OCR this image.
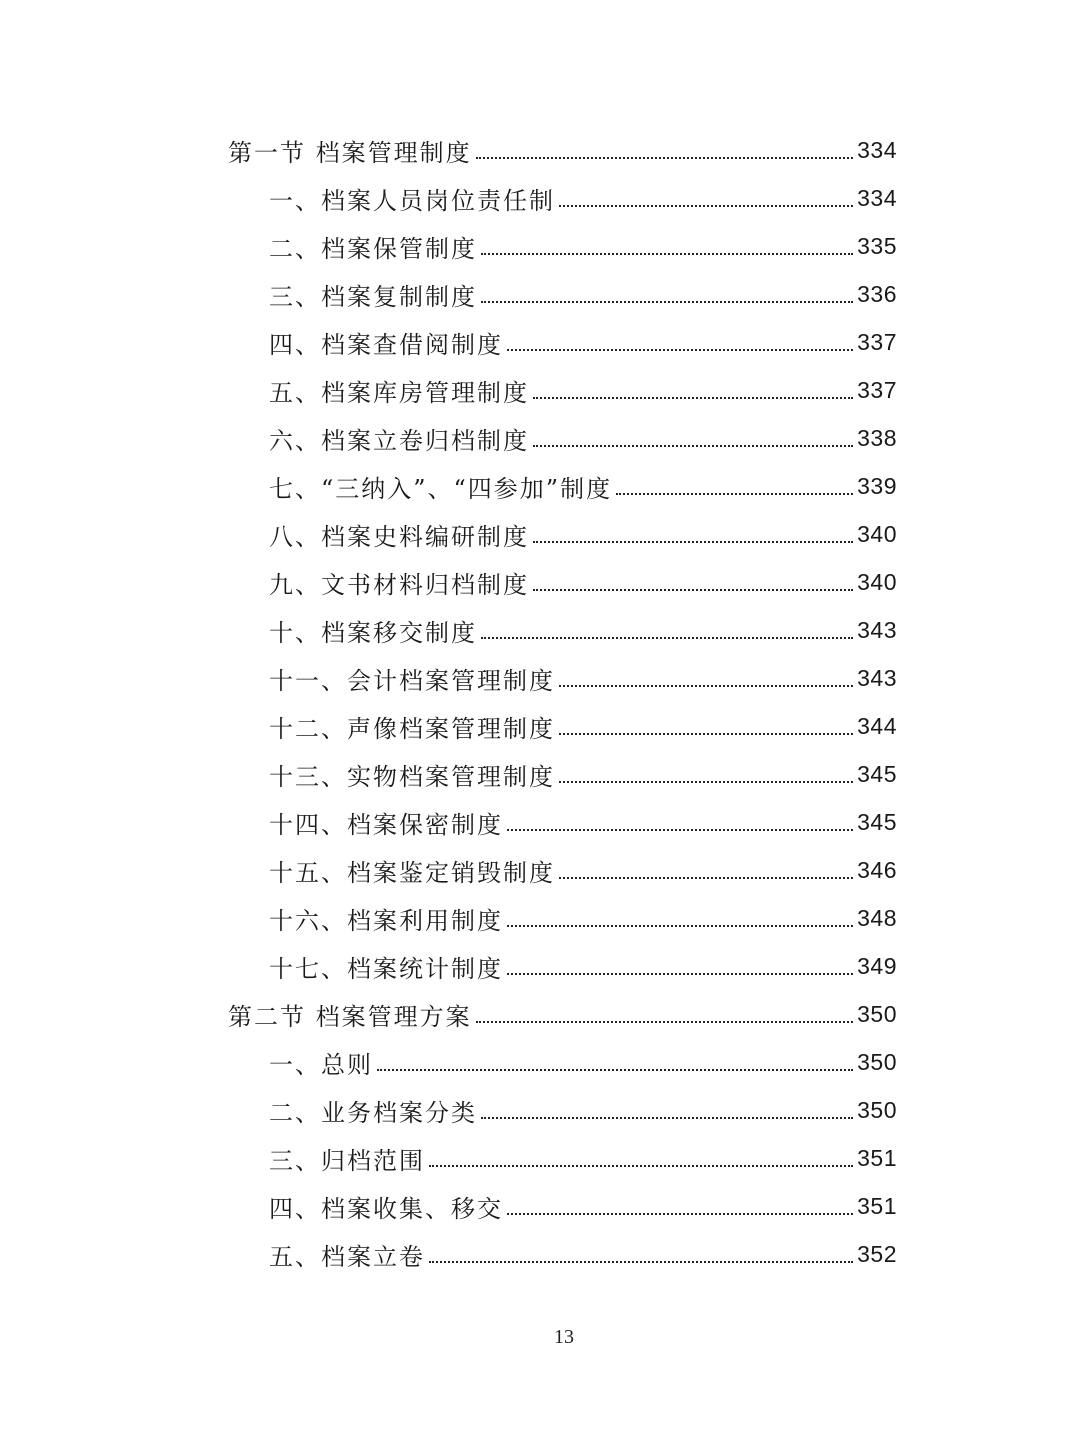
第一节 档案管理制度	334
一、档案人员岗位责任制	334
二、档案保管制度	335
三、档案复制制度	336
四、档案查借阅制度	337
五、档案库房管理制度	337
六、档案立卷归档制度	338
七、“三纳入”、“四参加”制度	339
八、档案史料编研制度	340
九、文书材料归档制度	340
十、档案移交制度	343
十一、会计档案管理制度	343
十二、声像档案管理制度	344
十三、实物档案管理制度	345
十四、档案保密制度	345
十五、档案鉴定销毁制度	346
十六、档案利用制度	348
十七、档案统计制度	349
第二节 档案管理方案	350
一、总则	350
二、业务档案分类	350
三、归档范围	351
四、档案收集、移交	351
五、档案立卷	352
13
